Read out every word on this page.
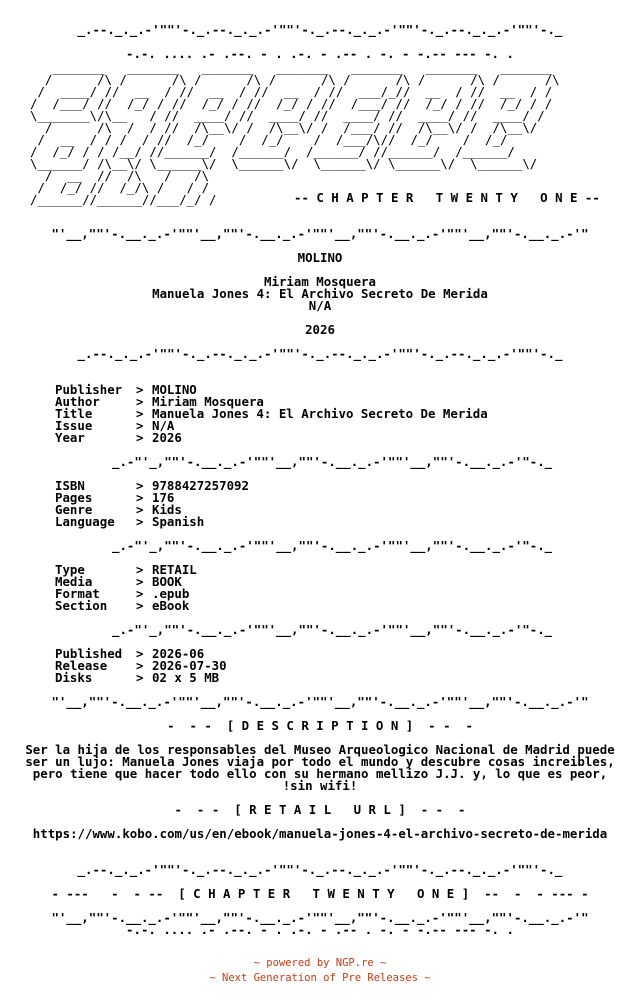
_.--._._.-'""'-._.--._._.-'""'-._.--._._.-'""'-._.--._._.-'""'-._
-.-. .... .- .--. - . .-. - .-- . -. - -.-- --- -. .
_______   _______   _______   _______   _______   _______   _______
/      /\ /      /\ /      /\ /      /\ /      /\ /      /\ /      /\
/  ____/ //  __  / //  __  / //  __  / //  ___/_//  __  / //  __  / /
/  /___/ //  /_/ / //  /_/ / //  /_/ / //  /___/ //  /_/ / //  /_/ / /
\_______\/\__   / //  ____/ //  ____/ //  ____/ //  ____/ //  ____/ /
/      /\  /  / //  /\__\/ /  /\__\/ /  /___/ //  /\__\/ /  /\__\/
/  __  / / /  / //  /_/    /  /_/    /  /___/\//  /_/    /  /_/
/  /_/ / / /__/ //______/  /______/  /______/ //______/  /______/
\______/ /\__\/ \______\/  \______\/  \______\/ \______\/  \______\/
/  __  //  /\   /   /\
/  /_/ //  /_/\ /   / /
/______//______//___/_/ /	-- C H A P T E R   T W E N T Y   O N E --
"'__,""'-.__._.-'""'__,""'-.__._.-'""'__,""'-.__._.-'""'__,""'-.__._.-'"
MOLINO
Miriam Mosquera
Manuela Jones 4: El Archivo Secreto De Merida
N/A
2026
_.--._._.-'""'-._.--._._.-'""'-._.--._._.-'""'-._.--._._.-'""'-._
Publisher > MOLINO
Author	> Miriam Mosquera
Title	> Manuela Jones 4: El Archivo Secreto De Merida
Issue	> N/A
Year	> 2026
_.-"'_,""'-.__._.-'""'__,""'-.__._.-'""'__,""'-.__._.-'"-._
ISBN	> 9788427257092
Pages	> 176
Genre	> Kids
Language > Spanish
_.-"'_,""'-.__._.-'""'__,""'-.__._.-'""'__,""'-.__._.-'"-._
Type	> RETAIL
Media	> BOOK
Format	> .epub
Section > eBook
_.-"'_,""'-.__._.-'""'__,""'-.__._.-'""'__,""'-.__._.-'"-._
Published > 2026-06
Release > 2026-07-30
Disks	> 02 x 5 MB
"'__,""'-.__._.-'""'__,""'-.__._.-'""'__,""'-.__._.-'""'__,""'-.__._.-'"
-  - -  [ D E S C R I P T I O N ]  - -  -
Ser la hija de los responsables del Museo Arqueologico Nacional de Madrid puede ser un lujo: Manuela Jones viaja por todo el mundo y descubre cosas increibles, pero tiene que hacer todo ello con su hermano mellizo J.J. y, lo que es peor, !sin wifi!
-  - -  [ R E T A I L   U R L ]  - -  -
https://www.kobo.com/us/en/ebook/manuela-jones-4-el-archivo-secreto-de-merida
_.--._._.-'""'-._.--._._.-'""'-._.--._._.-'""'-._.--._._.-'""'-._
- ---   -  - --  [ C H A P T E R   T W E N T Y   O N E ]  --  -  - --- -
"'__,""'-.__._.-'""'__,""'-.__._.-'""'__,""'-.__._.-'""'__,""'-.__._.-'"
-.-. .... .- .--. - . .-. - .-- . -. - -.-- --- -. .
~ powered by NGP.re ~
~ Next Generation of Pre Releases ~
